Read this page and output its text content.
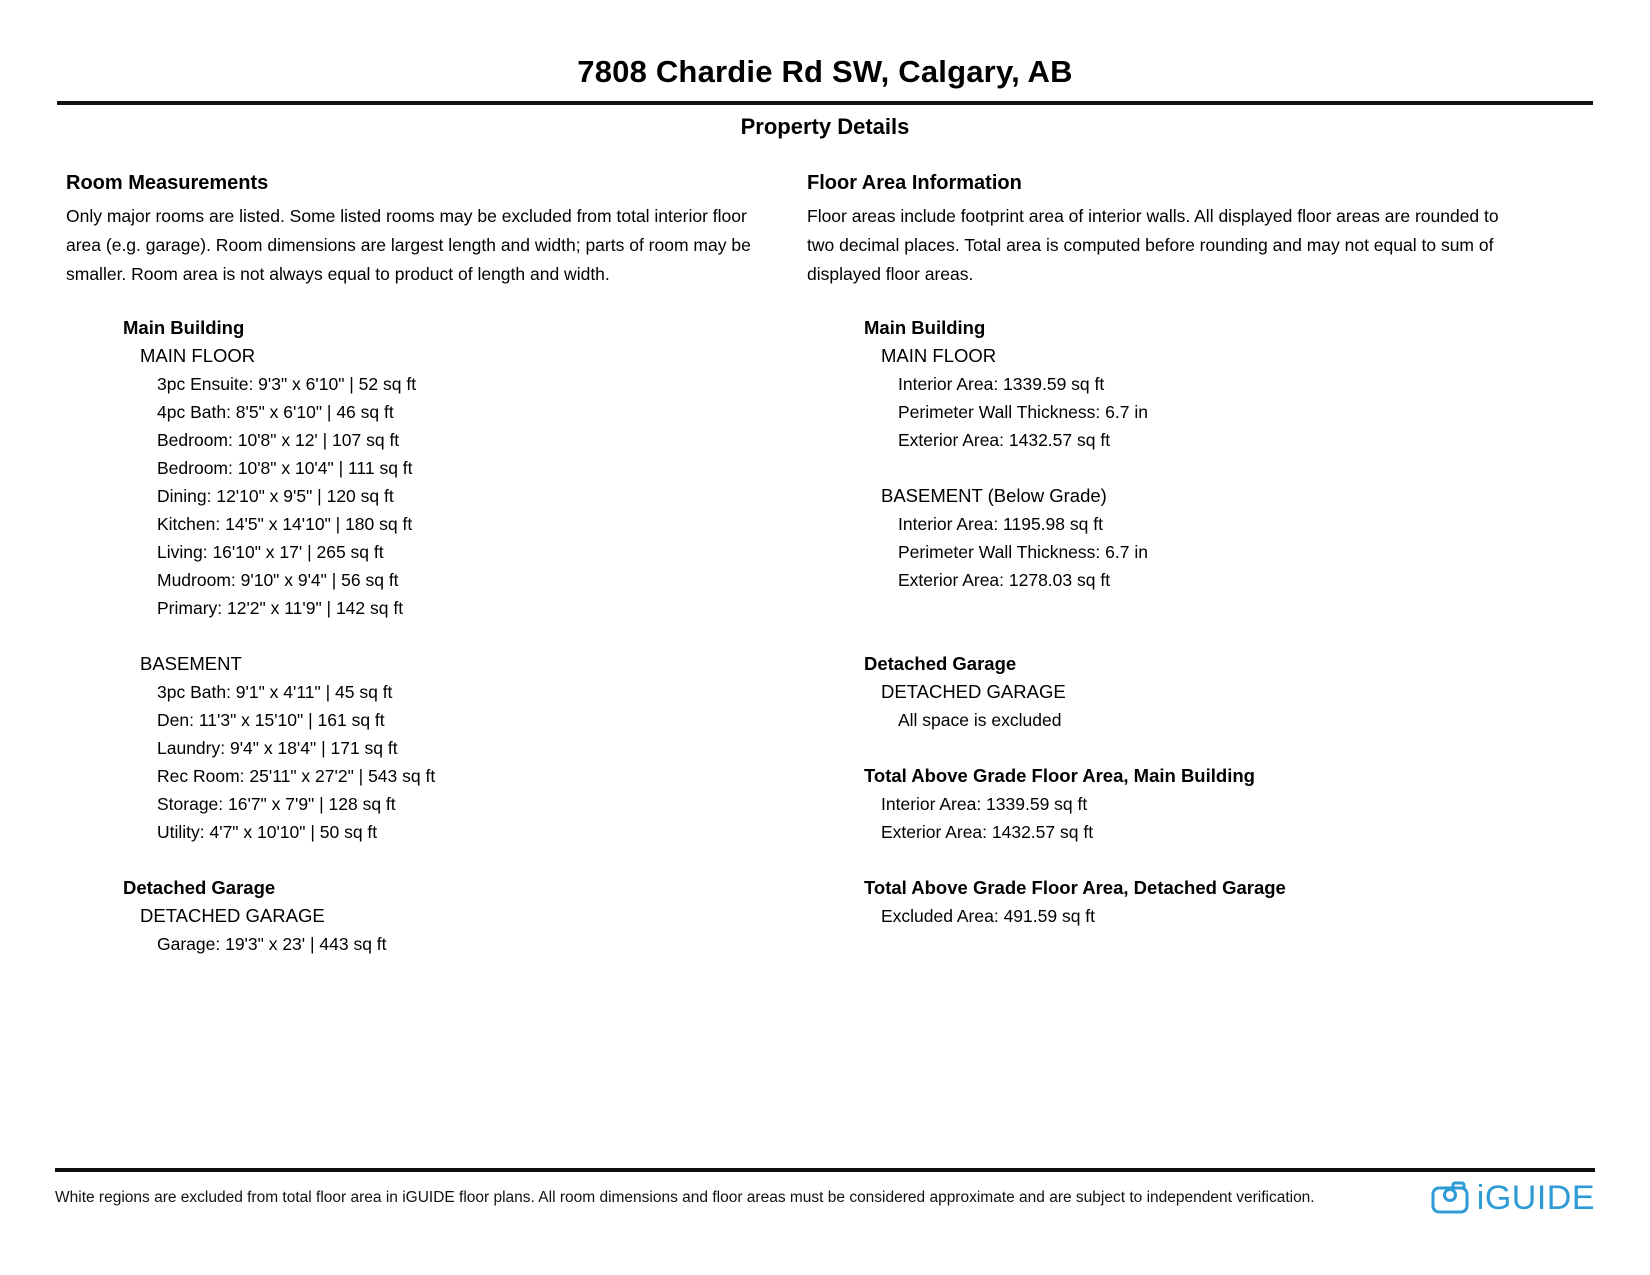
7808 Chardie Rd SW, Calgary, AB
Property Details
Room Measurements

Only major rooms are listed. Some listed rooms may be excluded from total interior floor area (e.g. garage). Room dimensions are largest length and width; parts of room may be smaller. Room area is not always equal to product of length and width.

Main Building
MAIN FLOOR
3pc Ensuite: 9'3" x 6'10" | 52 sq ft
4pc Bath: 8'5" x 6'10" | 46 sq ft
Bedroom: 10'8" x 12' | 107 sq ft
Bedroom: 10'8" x 10'4" | 111 sq ft
Dining: 12'10" x 9'5" | 120 sq ft
Kitchen: 14'5" x 14'10" | 180 sq ft
Living: 16'10" x 17' | 265 sq ft
Mudroom: 9'10" x 9'4" | 56 sq ft
Primary: 12'2" x 11'9" | 142 sq ft
BASEMENT
3pc Bath: 9'1" x 4'11" | 45 sq ft
Den: 11'3" x 15'10" | 161 sq ft
Laundry: 9'4" x 18'4" | 171 sq ft
Rec Room: 25'11" x 27'2" | 543 sq ft
Storage: 16'7" x 7'9" | 128 sq ft
Utility: 4'7" x 10'10" | 50 sq ft
Detached Garage
DETACHED GARAGE
Garage: 19'3" x 23' | 443 sq ft
Floor Area Information

Floor areas include footprint area of interior walls. All displayed floor areas are rounded to two decimal places. Total area is computed before rounding and may not equal to sum of displayed floor areas.

Main Building
MAIN FLOOR
Interior Area: 1339.59 sq ft
Perimeter Wall Thickness: 6.7 in
Exterior Area: 1432.57 sq ft
BASEMENT (Below Grade)
Interior Area: 1195.98 sq ft
Perimeter Wall Thickness: 6.7 in
Exterior Area: 1278.03 sq ft
Detached Garage
DETACHED GARAGE
All space is excluded
Total Above Grade Floor Area, Main Building
Interior Area: 1339.59 sq ft
Exterior Area: 1432.57 sq ft
Total Above Grade Floor Area, Detached Garage
Excluded Area: 491.59 sq ft
White regions are excluded from total floor area in iGUIDE floor plans. All room dimensions and floor areas must be considered approximate and are subject to independent verification.	iGUIDE
